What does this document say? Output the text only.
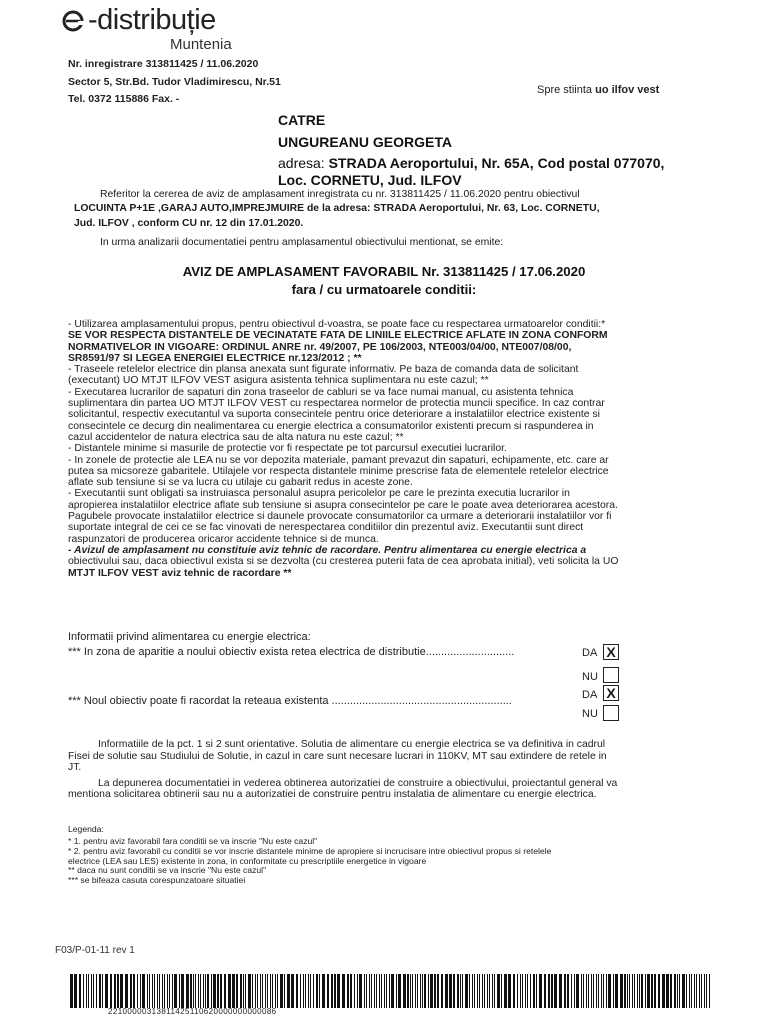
-distribuție
Muntenia
Nr. inregistrare 313811425 / 11.06.2020
Sector 5, Str.Bd. Tudor Vladimirescu, Nr.51
Tel. 0372 115886 Fax. -
Spre stiinta uo ilfov vest
CATRE
UNGUREANU GEORGETA
adresa: STRADA Aeroportului, Nr. 65A, Cod postal 077070,
Loc. CORNETU, Jud. ILFOV
Referitor la cererea de aviz de amplasament inregistrata cu nr. 313811425 / 11.06.2020 pentru obiectivul
LOCUINTA P+1E ,GARAJ AUTO,IMPREJMUIRE de la adresa: STRADA Aeroportului, Nr. 63, Loc. CORNETU,
Jud. ILFOV , conform CU nr. 12 din 17.01.2020.
In urma analizarii documentatiei pentru amplasamentul obiectivului mentionat, se emite:
AVIZ DE AMPLASAMENT FAVORABIL Nr. 313811425 / 17.06.2020
fara / cu urmatoarele conditii:
- Utilizarea amplasamentului propus, pentru obiectivul d-voastra, se poate face cu respectarea urmatoarelor conditii:*
SE VOR RESPECTA DISTANTELE DE VECINATATE FATA DE LINIILE ELECTRICE AFLATE IN ZONA CONFORM
NORMATIVELOR IN VIGOARE: ORDINUL ANRE nr. 49/2007, PE 106/2003, NTE003/04/00, NTE007/08/00,
SR8591/97 SI LEGEA ENERGIEI ELECTRICE nr.123/2012 ; **
- Traseele retelelor electrice din plansa anexata sunt figurate informativ. Pe baza de comanda data de solicitant
(executant) UO MTJT ILFOV VEST asigura asistenta tehnica suplimentara nu este cazul; **
- Executarea lucrarilor de sapaturi din zona traseelor de cabluri se va face numai manual, cu asistenta tehnica
suplimentara din partea UO MTJT ILFOV VEST cu respectarea normelor de protectia muncii specifice. In caz contrar
solicitantul, respectiv executantul va suporta consecintele pentru orice deteriorare a instalatiilor electrice existente si
consecintele ce decurg din nealimentarea cu energie electrica a consumatorilor existenti precum si raspunderea in
cazul accidentelor de natura electrica sau de alta natura nu este cazul; **
- Distantele minime si masurile de protectie vor fi respectate pe tot parcursul executiei lucrarilor.
- In zonele de protectie ale LEA nu se vor depozita materiale, pamant prevazut din sapaturi, echipamente, etc. care ar
putea sa micsoreze gabaritele. Utilajele vor respecta distantele minime prescrise fata de elementele retelelor electrice
aflate sub tensiune si se va lucra cu utilaje cu gabarit redus in aceste zone.
- Executantii sunt obligati sa instruiasca personalul asupra pericolelor pe care le prezinta executia lucrarilor in
apropierea instalatiilor electrice aflate sub tensiune si asupra consecintelor pe care le poate avea deteriorarea acestora.
Pagubele provocate instalatiilor electrice si daunele provocate consumatorilor ca urmare a deteriorarii instalatiilor vor fi
suportate integral de cei ce se fac vinovati de nerespectarea conditiilor din prezentul aviz. Executantii sunt direct
raspunzatori de producerea oricaror accidente tehnice si de munca.
- Avizul de amplasament nu constituie aviz tehnic de racordare. Pentru alimentarea cu energie electrica a
obiectivului sau, daca obiectivul exista si se dezvolta (cu cresterea puterii fata de cea aprobata initial), veti solicita la UO
MTJT ILFOV VEST aviz tehnic de racordare **
Informatii privind alimentarea cu energie electrica:
*** In zona de aparitie a noului obiectiv exista retea electrica de distributie.............................	DA X
NU
*** Noul obiectiv poate fi racordat la reteaua existenta ...........................................................	DA X
NU
Informatiile de la pct. 1 si 2 sunt orientative. Solutia de alimentare cu energie electrica se va definitiva in cadrul
Fisei de solutie sau Studiului de Solutie, in cazul in care sunt necesare lucrari in 110KV, MT sau extindere de retele in
JT.
La depunerea documentatiei in vederea obtinerea autorizatiei de construire a obiectivului, proiectantul general va
mentiona solicitarea obtinerii sau nu a autorizatiei de construire pentru instalatia de alimentare cu energie electrica.
Legenda:
* 1. pentru aviz favorabil fara conditii se va inscrie "Nu este cazul"
* 2. pentru aviz favorabil cu conditii se vor inscrie distantele minime de apropiere si incrucisare intre obiectivul propus si retelele
electrice (LEA sau LES) existente in zona, in conformitate cu prescriptiile energetice in vigoare
** daca nu sunt conditii se va inscrie "Nu este cazul"
*** se bifeaza casuta corespunzatoare situatiei
F03/P-01-11 rev 1
22100000313811425110620000000000086
